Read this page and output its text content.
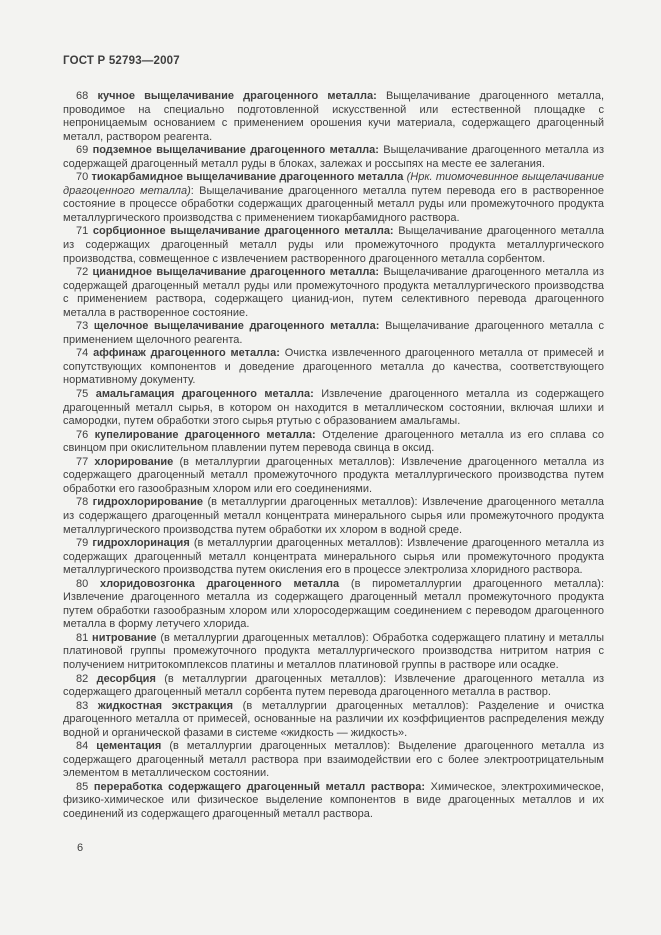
ГОСТ Р 52793—2007

68 кучное выщелачивание драгоценного металла: Выщелачивание драгоценного металла, проводимое на специально подготовленной искусственной или естественной площадке с непроницаемым основанием с применением орошения кучи материала, содержащего драгоценный металл, раствором реагента.

69 подземное выщелачивание драгоценного металла: Выщелачивание драгоценного металла из содержащей драгоценный металл руды в блоках, залежах и россыпях на месте ее залегания.

70 тиокарбамидное выщелачивание драгоценного металла (Нрк. тиомочевинное выщелачивание драгоценного металла): Выщелачивание драгоценного металла путем перевода его в растворенное состояние в процессе обработки содержащих драгоценный металл руды или промежуточного продукта металлургического производства с применением тиокарбамидного раствора.

71 сорбционное выщелачивание драгоценного металла: Выщелачивание драгоценного металла из содержащих драгоценный металл руды или промежуточного продукта металлургического производства, совмещенное с извлечением растворенного драгоценного металла сорбентом.

72 цианидное выщелачивание драгоценного металла: Выщелачивание драгоценного металла из содержащей драгоценный металл руды или промежуточного продукта металлургического производства с применением раствора, содержащего цианид-ион, путем селективного перевода драгоценного металла в растворенное состояние.

73 щелочное выщелачивание драгоценного металла: Выщелачивание драгоценного металла с применением щелочного реагента.

74 аффинаж драгоценного металла: Очистка извлеченного драгоценного металла от примесей и сопутствующих компонентов и доведение драгоценного металла до качества, соответствующего нормативному документу.

75 амальгамация драгоценного металла: Извлечение драгоценного металла из содержащего драгоценный металл сырья, в котором он находится в металлическом состоянии, включая шлихи и самородки, путем обработки этого сырья ртутью с образованием амальгамы.

76 купелирование драгоценного металла: Отделение драгоценного металла из его сплава со свинцом при окислительном плавлении путем перевода свинца в оксид.

77 хлорирование (в металлургии драгоценных металлов): Извлечение драгоценного металла из содержащего драгоценный металл промежуточного продукта металлургического производства путем обработки его газообразным хлором или его соединениями.

78 гидрохлорирование (в металлургии драгоценных металлов): Извлечение драгоценного металла из содержащего драгоценный металл концентрата минерального сырья или промежуточного продукта металлургического производства путем обработки их хлором в водной среде.

79 гидрохлоринация (в металлургии драгоценных металлов): Извлечение драгоценного металла из содержащих драгоценный металл концентрата минерального сырья или промежуточного продукта металлургического производства путем окисления его в процессе электролиза хлоридного раствора.

80 хлоридовозгонка драгоценного металла (в пирометаллургии драгоценного металла): Извлечение драгоценного металла из содержащего драгоценный металл промежуточного продукта путем обработки газообразным хлором или хлоросодержащим соединением с переводом драгоценного металла в форму летучего хлорида.

81 нитрование (в металлургии драгоценных металлов): Обработка содержащего платину и металлы платиновой группы промежуточного продукта металлургического производства нитритом натрия с получением нитритокомплексов платины и металлов платиновой группы в растворе или осадке.

82 десорбция (в металлургии драгоценных металлов): Извлечение драгоценного металла из содержащего драгоценный металл сорбента путем перевода драгоценного металла в раствор.

83 жидкостная экстракция (в металлургии драгоценных металлов): Разделение и очистка драгоценного металла от примесей, основанные на различии их коэффициентов распределения между водной и органической фазами в системе «жидкость — жидкость».

84 цементация (в металлургии драгоценных металлов): Выделение драгоценного металла из содержащего драгоценный металл раствора при взаимодействии его с более электроотрицательным элементом в металлическом состоянии.

85 переработка содержащего драгоценный металл раствора: Химическое, электрохимическое, физико-химическое или физическое выделение компонентов в виде драгоценных металлов и их соединений из содержащего драгоценный металл раствора.

6
